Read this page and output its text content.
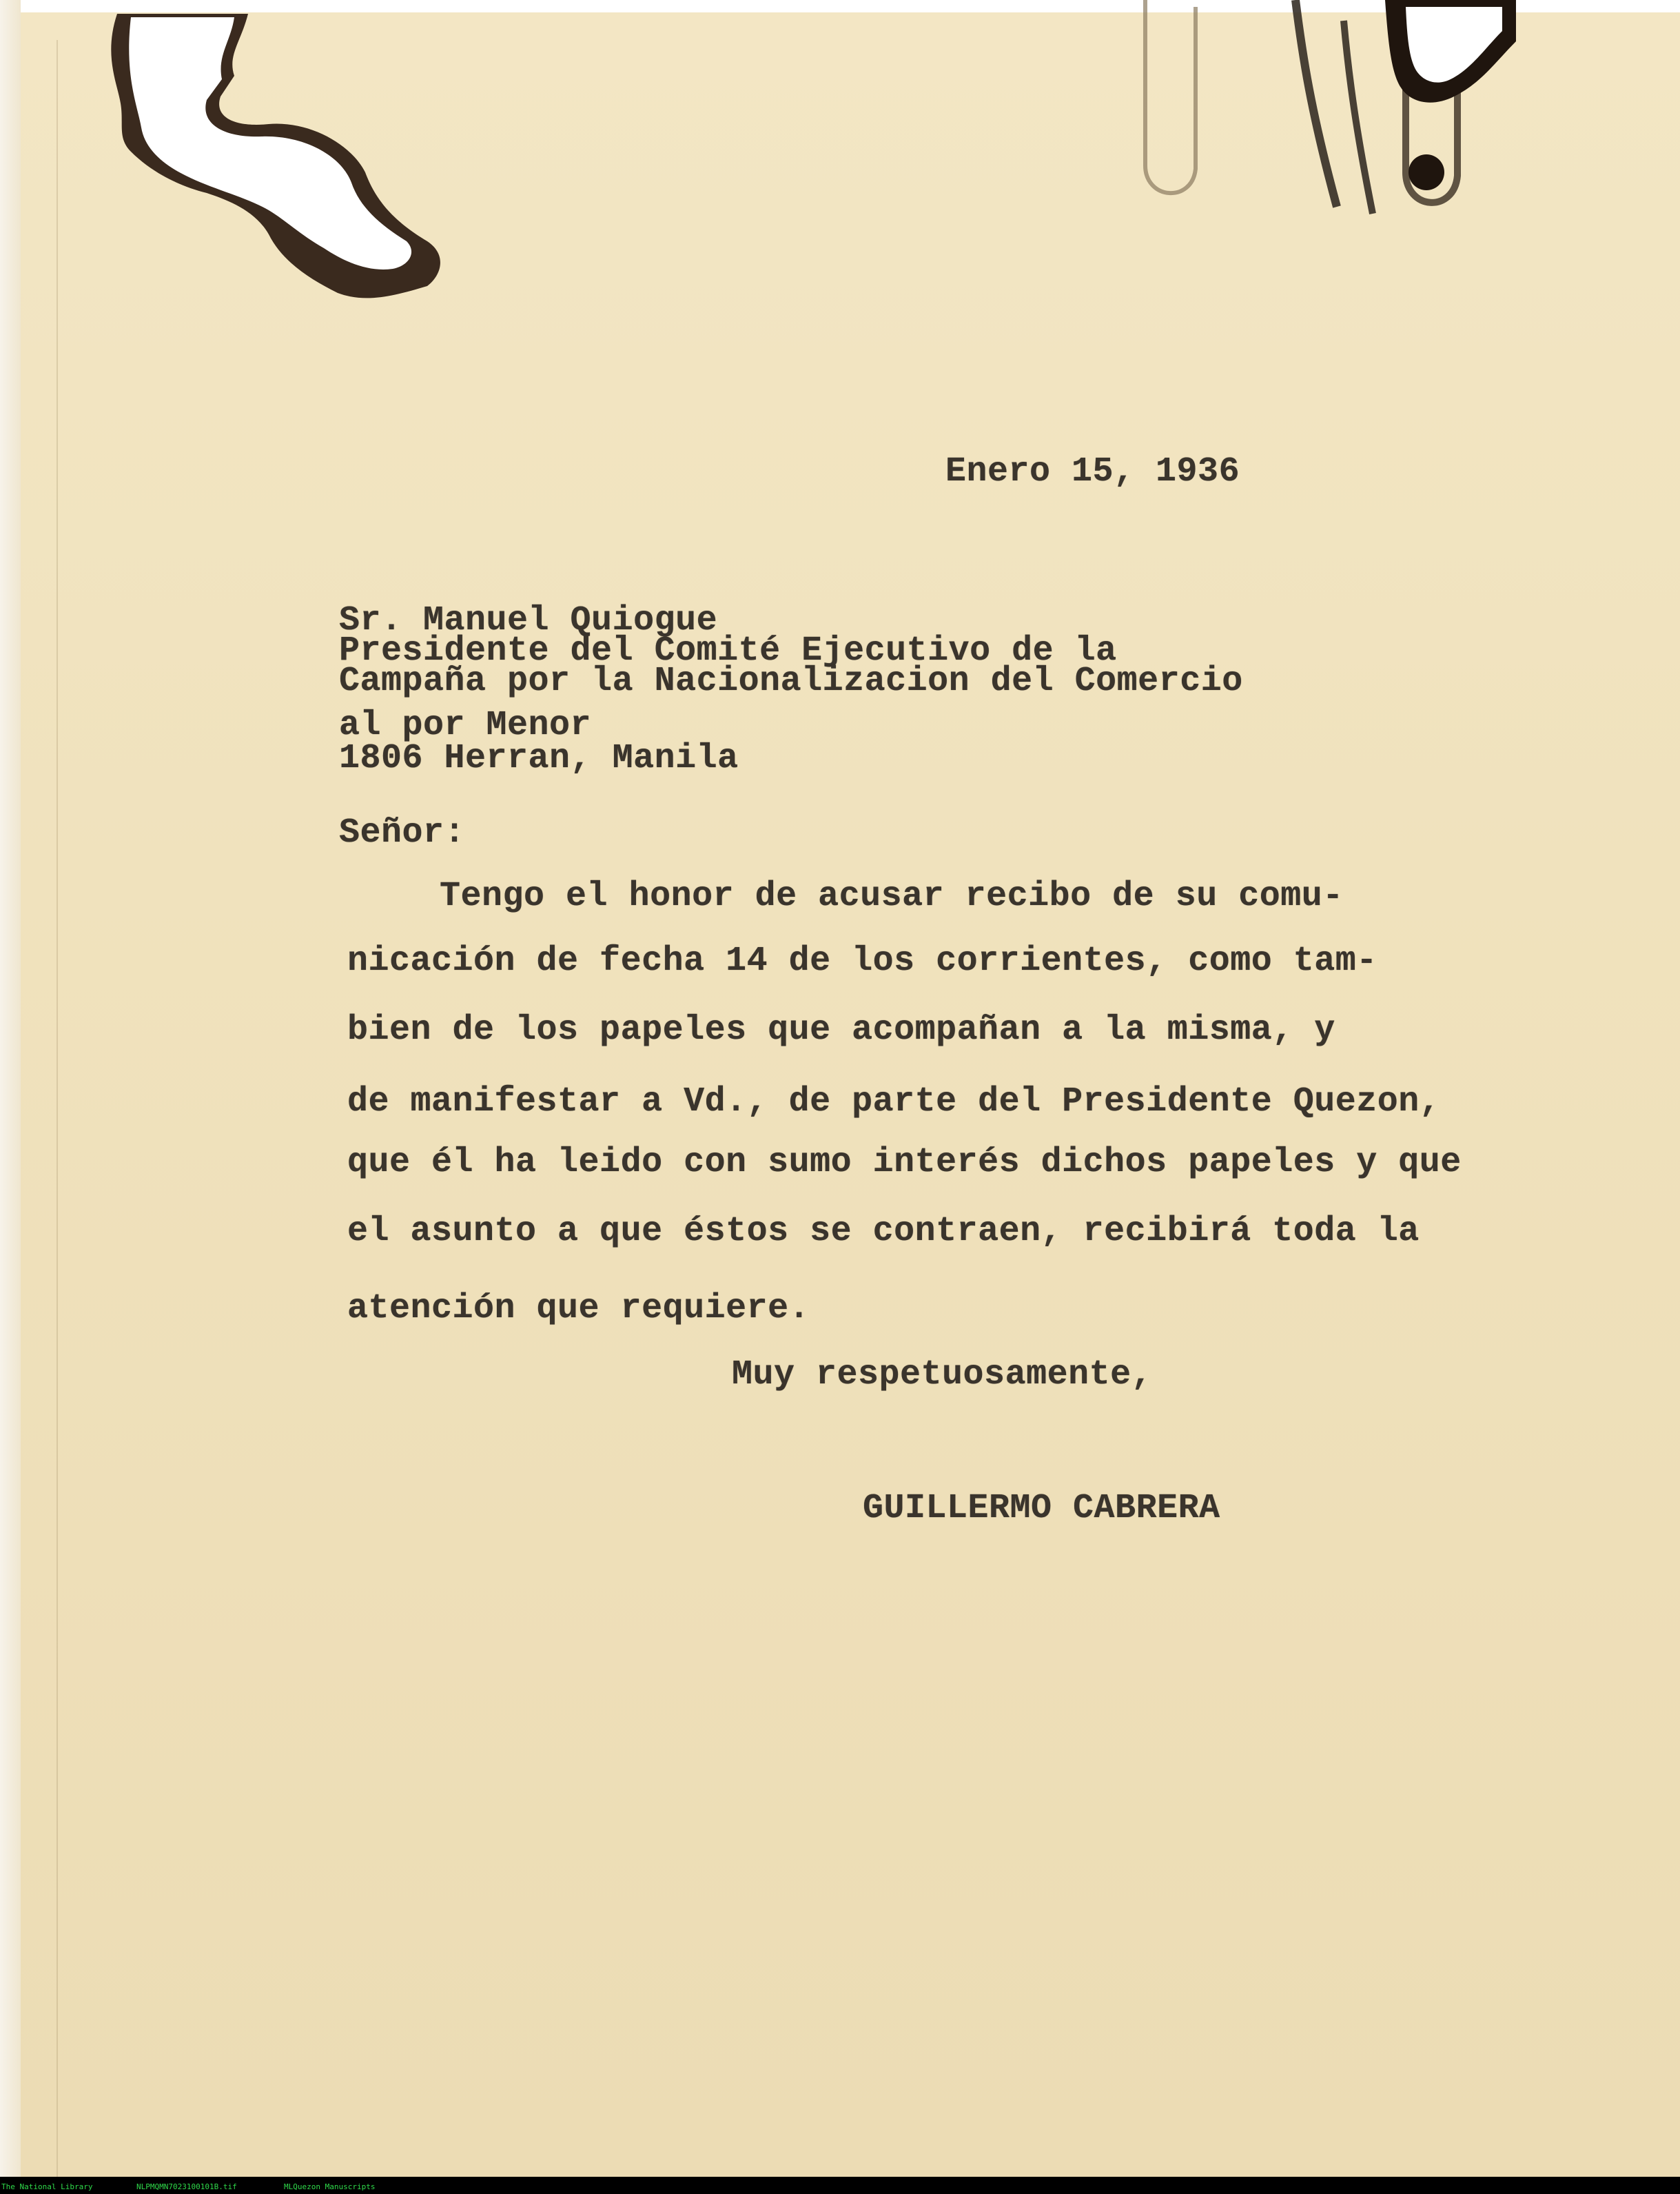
Enero 15, 1936
Sr. Manuel Quiogue
Presidente del Comité Ejecutivo de la
Campaña por la Nacionalizacion del Comercio
al por Menor
1806 Herran, Manila
Señor:
Tengo el honor de acusar recibo de su comu-
nicación de fecha 14 de los corrientes, como tam-
bien de los papeles que acompañan a la misma, y
de manifestar a Vd., de parte del Presidente Quezon,
que él ha leido con sumo interés dichos papeles y que
el asunto a que éstos se contraen, recibirá toda la
atención que requiere.
Muy respetuosamente,
GUILLERMO CABRERA
The National Library	NLPMQMN7023100101B.tif	MLQuezon Manuscripts
